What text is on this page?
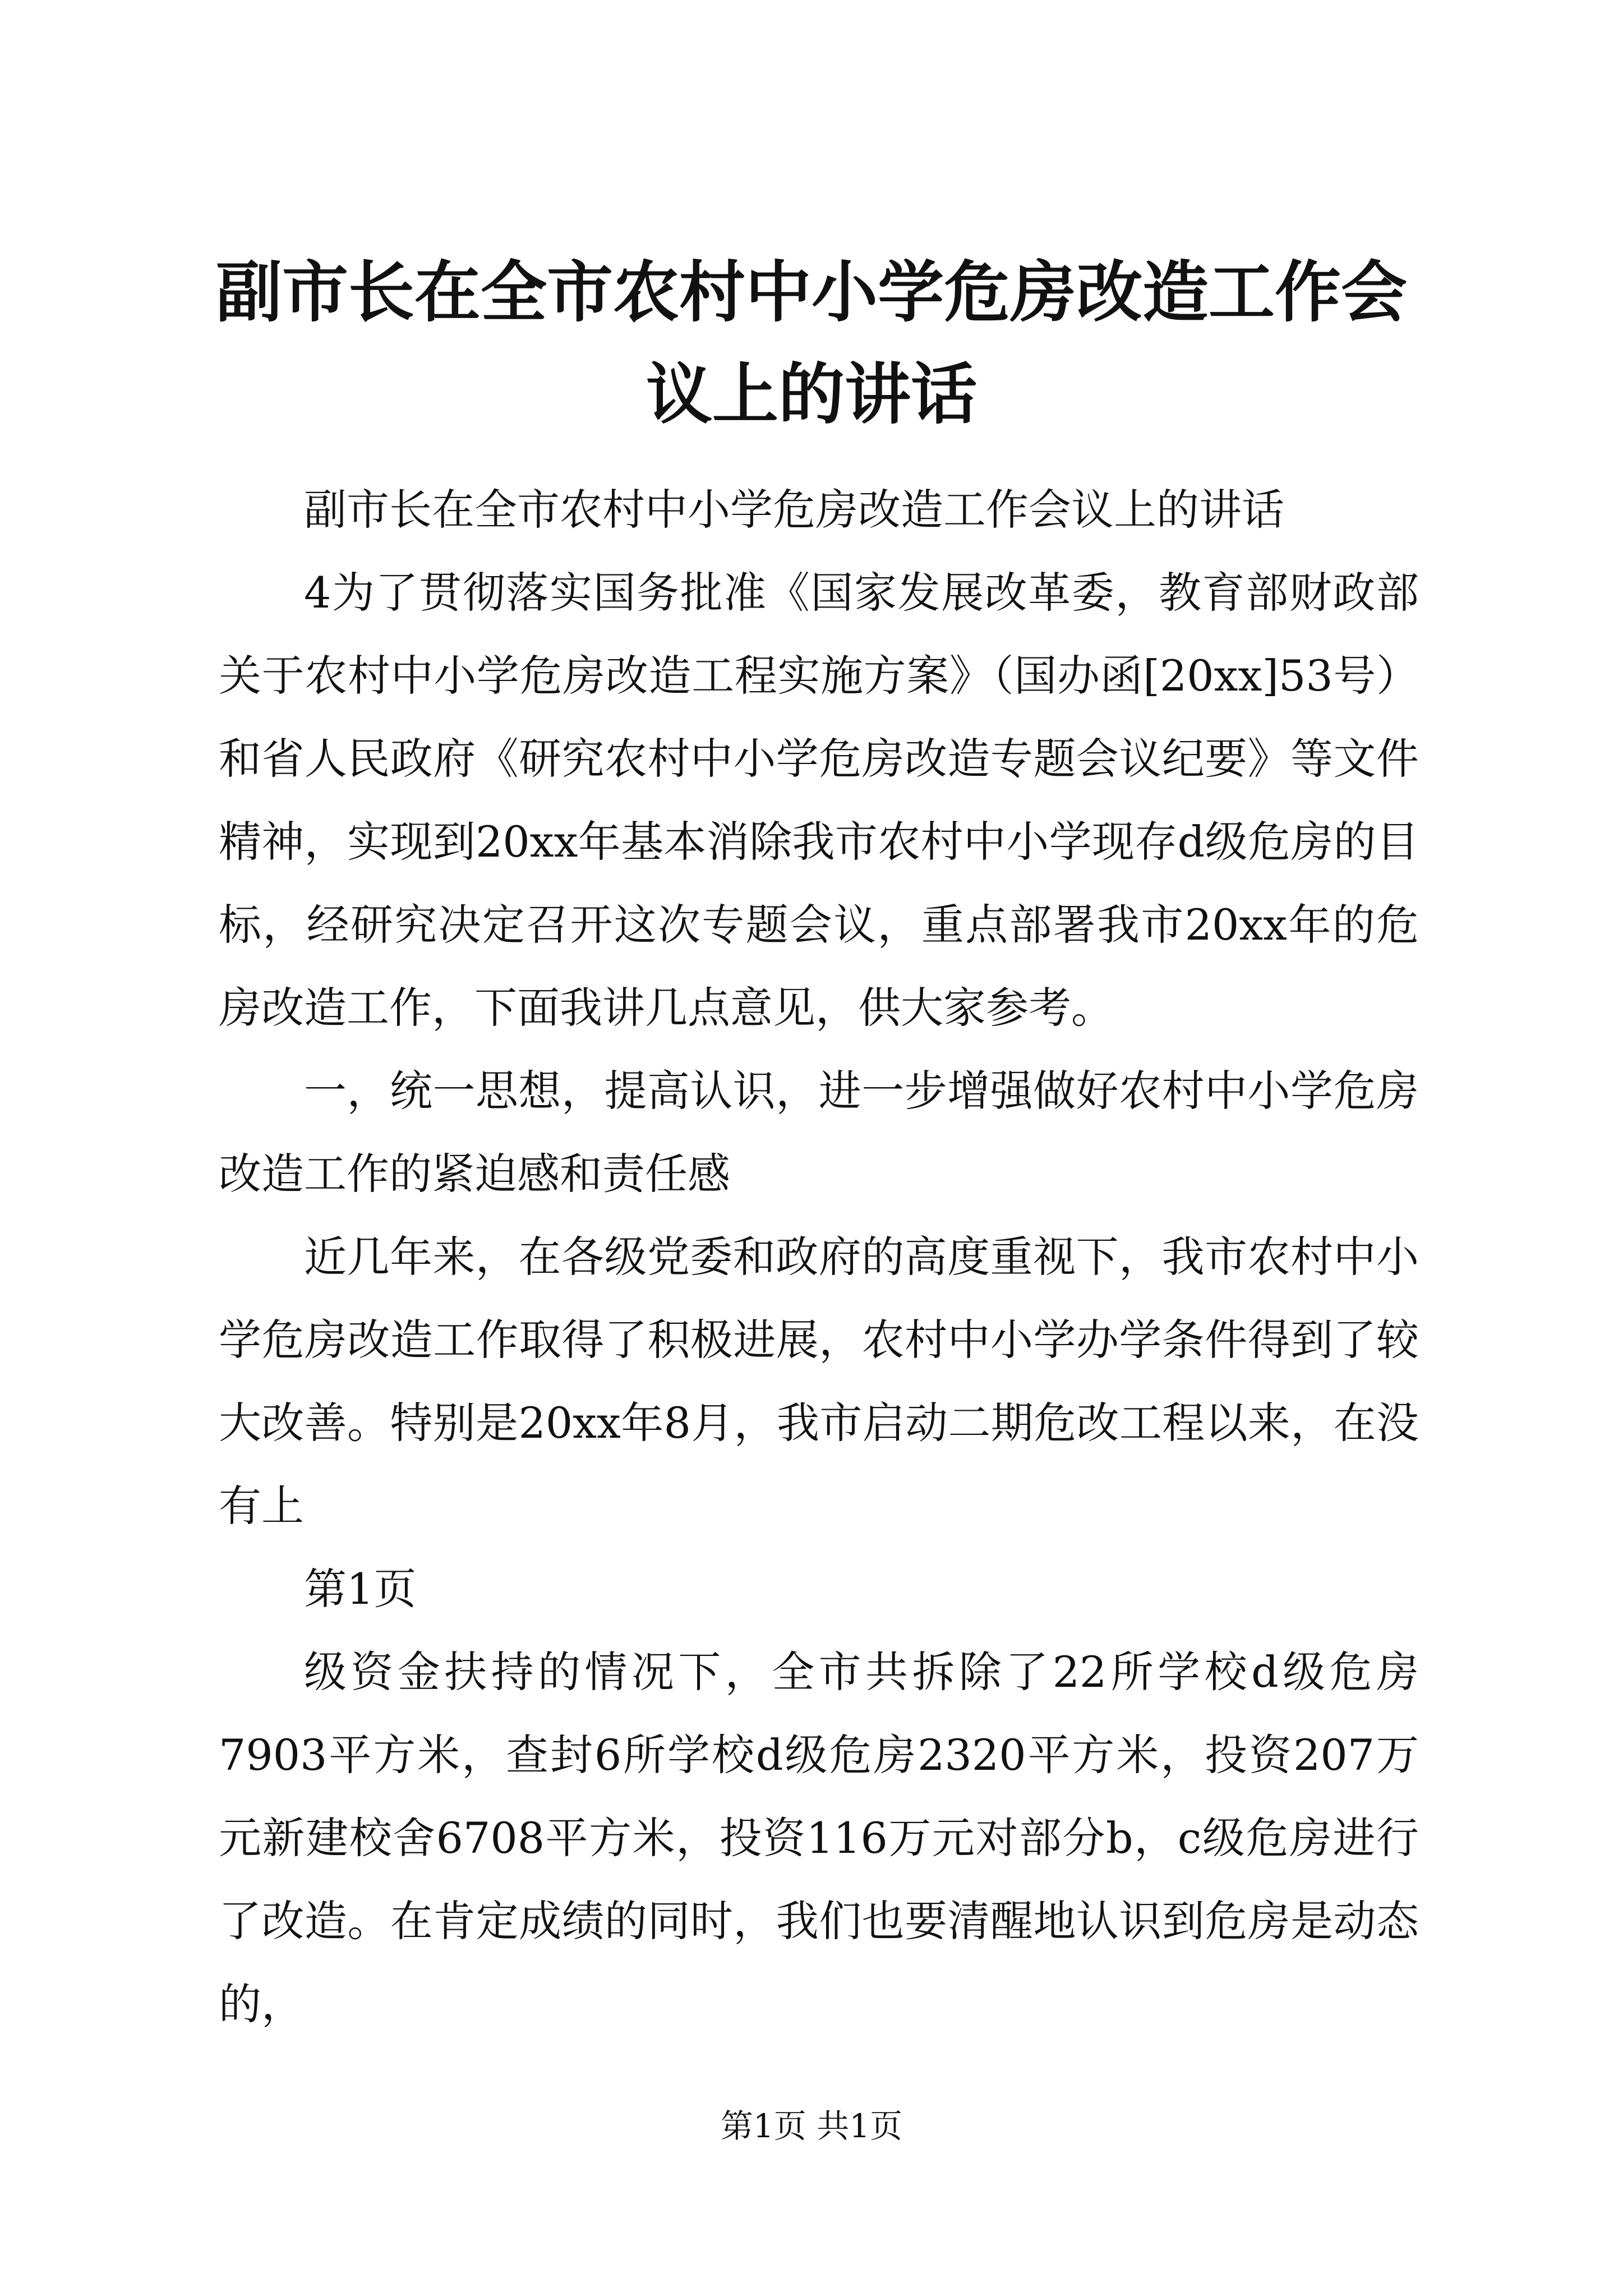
副市长在全市农村中小学危房改造工作会议上的讲话

副市长在全市农村中小学危房改造工作会议上的讲话

4为了贯彻落实国务批准《国家发展改革委，教育部财政部关于农村中小学危房改造工程实施方案》（国办函[20xx]53号）和省人民政府《研究农村中小学危房改造专题会议纪要》等文件精神，实现到20xx年基本消除我市农村中小学现存d级危房的目标，经研究决定召开这次专题会议，重点部署我市20xx年的危房改造工作，下面我讲几点意见，供大家参考。

一，统一思想，提高认识，进一步增强做好农村中小学危房改造工作的紧迫感和责任感

近几年来，在各级党委和政府的高度重视下，我市农村中小学危房改造工作取得了积极进展，农村中小学办学条件得到了较大改善。特别是20xx年8月，我市启动二期危改工程以来，在没有上

第1页

级资金扶持的情况下，全市共拆除了22所学校d级危房7903平方米，查封6所学校d级危房2320平方米，投资207万元新建校舍6708平方米，投资116万元对部分b，c级危房进行了改造。在肯定成绩的同时，我们也要清醒地认识到危房是动态的，

第1页 共1页
